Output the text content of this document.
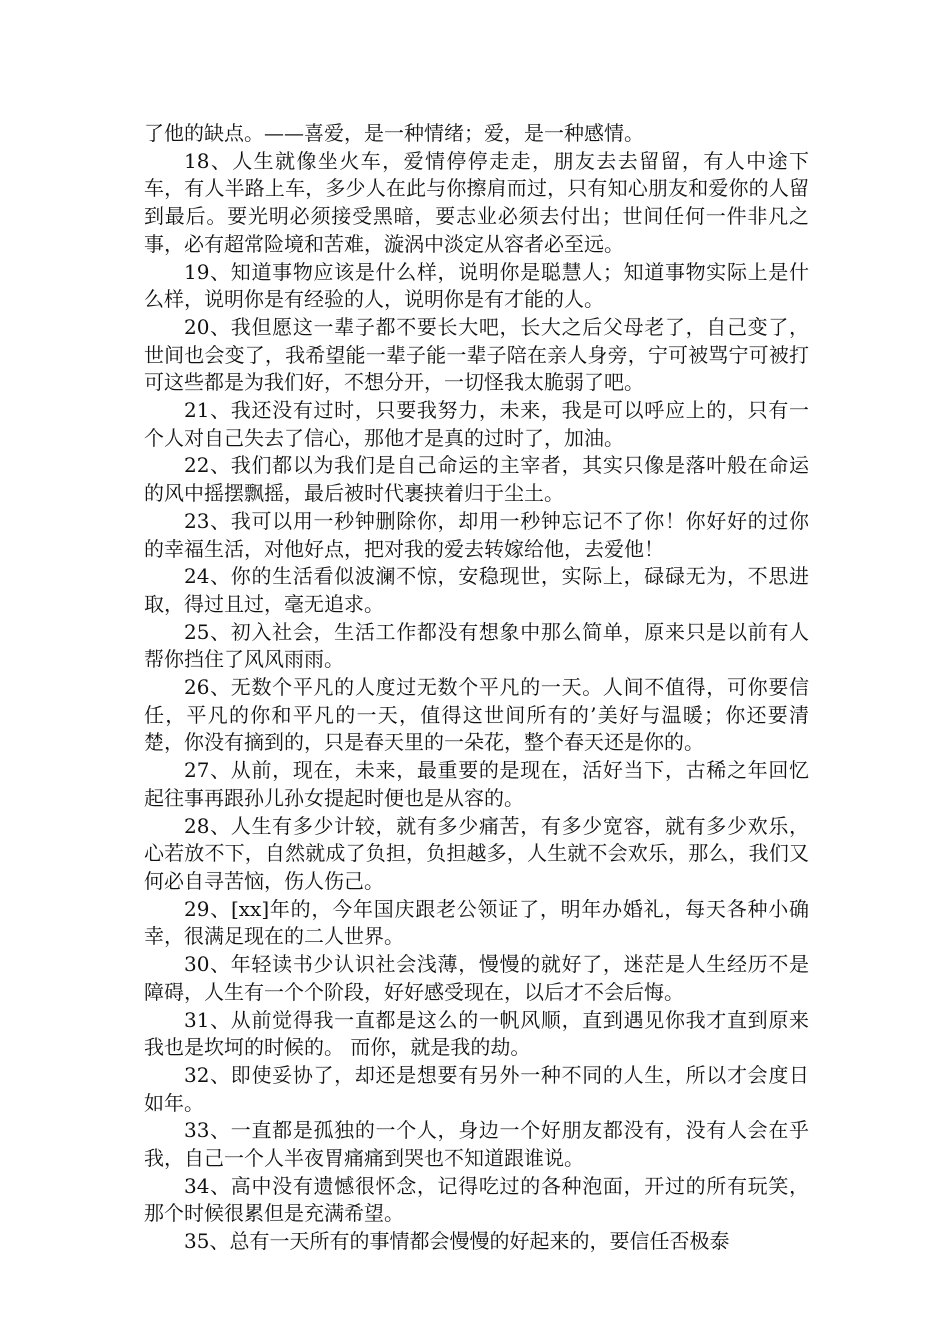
了他的缺点。——喜爱，是一种情绪；爱，是一种感情。

18、人生就像坐火车，爱情停停走走，朋友去去留留，有人中途下车，有人半路上车，多少人在此与你擦肩而过，只有知心朋友和爱你的人留到最后。要光明必须接受黑暗，要志业必须去付出；世间任何一件非凡之事，必有超常险境和苦难，漩涡中淡定从容者必至远。

19、知道事物应该是什么样，说明你是聪慧人；知道事物实际上是什么样，说明你是有经验的人，说明你是有才能的人。

20、我但愿这一辈子都不要长大吧，长大之后父母老了，自己变了，世间也会变了，我希望能一辈子能一辈子陪在亲人身旁，宁可被骂宁可被打可这些都是为我们好，不想分开，一切怪我太脆弱了吧。

21、我还没有过时，只要我努力，未来，我是可以呼应上的，只有一个人对自己失去了信心，那他才是真的过时了，加油。

22、我们都以为我们是自己命运的主宰者，其实只像是落叶般在命运的风中摇摆飘摇，最后被时代裹挟着归于尘土。

23、我可以用一秒钟删除你，却用一秒钟忘记不了你！你好好的过你的幸福生活，对他好点，把对我的爱去转嫁给他，去爱他！

24、你的生活看似波澜不惊，安稳现世，实际上，碌碌无为，不思进取，得过且过，毫无追求。

25、初入社会，生活工作都没有想象中那么简单，原来只是以前有人帮你挡住了风风雨雨。

26、无数个平凡的人度过无数个平凡的一天。人间不值得，可你要信任，平凡的你和平凡的一天，值得这世间所有的’美好与温暖；你还要清楚，你没有摘到的，只是春天里的一朵花，整个春天还是你的。

27、从前，现在，未来，最重要的是现在，活好当下，古稀之年回忆起往事再跟孙儿孙女提起时便也是从容的。

28、人生有多少计较，就有多少痛苦，有多少宽容，就有多少欢乐，心若放不下，自然就成了负担，负担越多，人生就不会欢乐，那么，我们又何必自寻苦恼，伤人伤己。

29、[xx]年的，今年国庆跟老公领证了，明年办婚礼，每天各种小确幸，很满足现在的二人世界。

30、年轻读书少认识社会浅薄，慢慢的就好了，迷茫是人生经历不是障碍，人生有一个个阶段，好好感受现在，以后才不会后悔。

31、从前觉得我一直都是这么的一帆风顺，直到遇见你我才直到原来我也是坎坷的时候的。 而你，就是我的劫。

32、即使妥协了，却还是想要有另外一种不同的人生，所以才会度日如年。

33、一直都是孤独的一个人，身边一个好朋友都没有，没有人会在乎我，自己一个人半夜胃痛痛到哭也不知道跟谁说。

34、高中没有遗憾很怀念，记得吃过的各种泡面，开过的所有玩笑，那个时候很累但是充满希望。

35、总有一天所有的事情都会慢慢的好起来的，要信任否极泰
